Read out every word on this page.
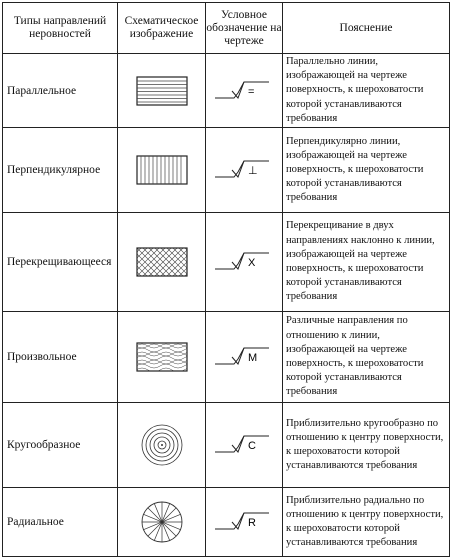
Типы направлений неровностей	Схематическое изображение	Условное обозначение на чертеже	Пояснение
Параллельное		=	Параллельно линии, изображающей на чертеже поверхность, к шероховатости которой устанавливаются требования
Перпендикулярное		⊥	Перпендикулярно линии, изображающей на чертеже поверхность, к шероховатости которой устанавливаются требования
Перекрещивающееся		X	Перекрещивание в двух направлениях наклонно к линии, изображающей на чертеже поверхность, к шероховатости которой устанавливаются требования
Произвольное		M	Различные направления по отношению к линии, изображающей на чертеже поверхность, к шероховатости которой устанавливаются требования
Кругообразное		C	Приблизительно кругообразно по отношению к центру поверхности, к шероховатости которой устанавливаются требования
Радиальное		R	Приблизительно радиально по отношению к центру поверхности, к шероховатости которой устанавливаются требования
